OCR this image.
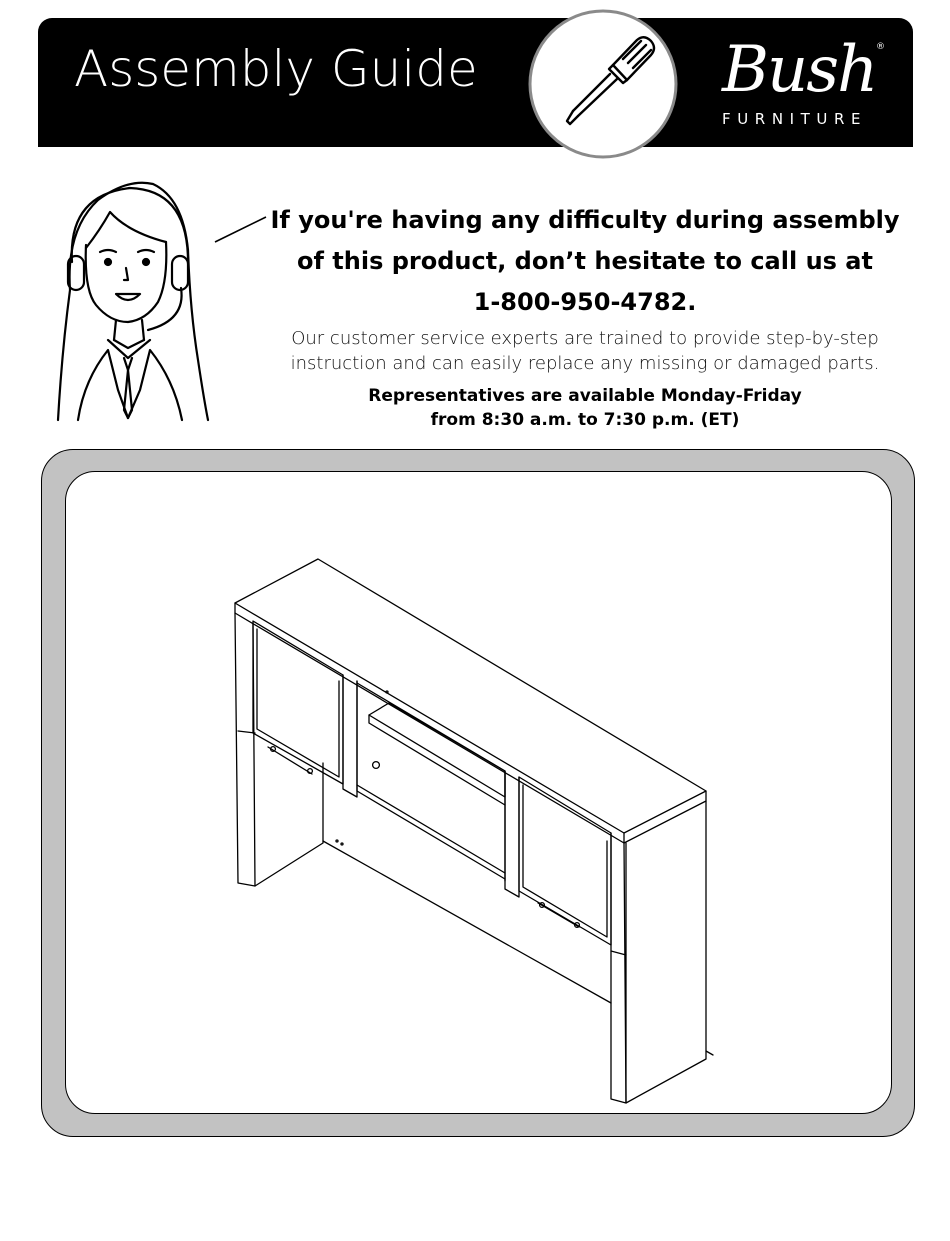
Assembly Guide	Bush ®
FURNITURE
If you're having any difficulty during assembly
of this product, don’t hesitate to call us at
1-800-950-4782.
Our customer service experts are trained to provide step-by-step
instruction and can easily replace any missing or damaged parts.
Representatives are available Monday-Friday
from 8:30 a.m. to 7:30 p.m. (ET)
